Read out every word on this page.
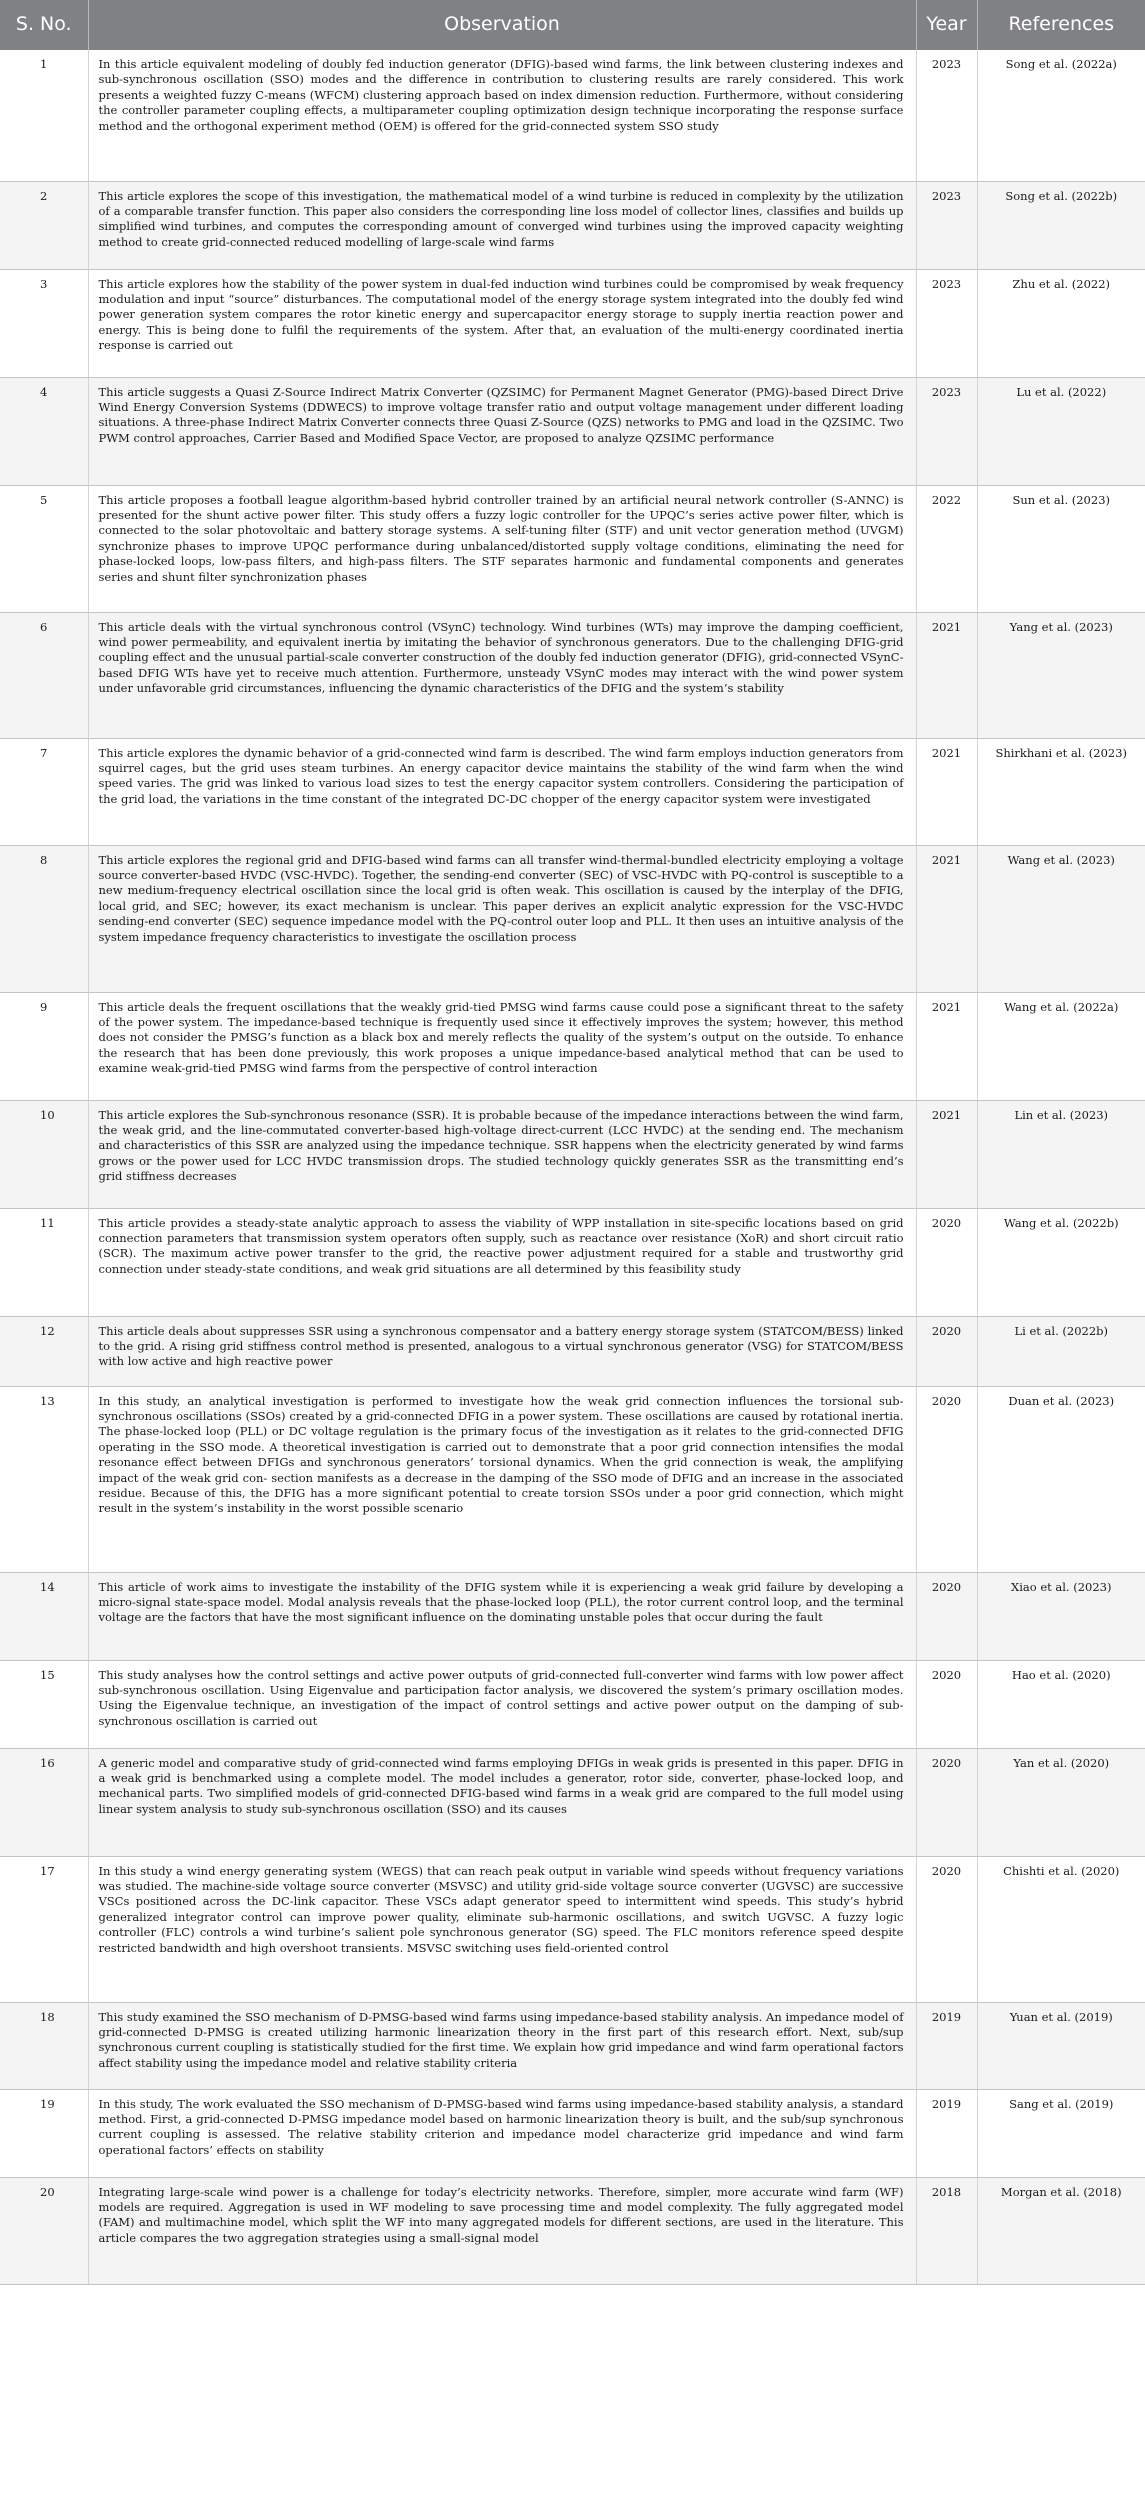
S. No.	Observation	Year	References
1	In this article equivalent modeling of doubly fed induction generator (DFIG)-based wind farms, the link between clustering indexes and sub-synchronous oscillation (SSO) modes and the difference in contribution to clustering results are rarely considered. This work presents a weighted fuzzy C-means (WFCM) clustering approach based on index dimension reduction. Furthermore, without considering the controller parameter coupling effects, a multiparameter coupling optimization design technique incorporating the response surface method and the orthogonal experiment method (OEM) is offered for the grid-connected system SSO study	2023	Song et al. (2022a)
2	This article explores the scope of this investigation, the mathematical model of a wind turbine is reduced in complexity by the utilization of a comparable transfer function. This paper also considers the corresponding line loss model of collector lines, classifies and builds up simplified wind turbines, and computes the corresponding amount of converged wind turbines using the improved capacity weighting method to create grid-connected reduced modelling of large-scale wind farms	2023	Song et al. (2022b)
3	This article explores how the stability of the power system in dual-fed induction wind turbines could be compromised by weak frequency modulation and input “source” disturbances. The computational model of the energy storage system integrated into the doubly fed wind power generation system compares the rotor kinetic energy and supercapacitor energy storage to supply inertia reaction power and energy. This is being done to fulfil the requirements of the system. After that, an evaluation of the multi-energy coordinated inertia response is carried out	2023	Zhu et al. (2022)
4	This article suggests a Quasi Z-Source Indirect Matrix Converter (QZSIMC) for Permanent Magnet Generator (PMG)-based Direct Drive Wind Energy Conversion Systems (DDWECS) to improve voltage transfer ratio and output voltage management under different loading situations. A three-phase Indirect Matrix Converter connects three Quasi Z-Source (QZS) networks to PMG and load in the QZSIMC. Two PWM control approaches, Carrier Based and Modified Space Vector, are proposed to analyze QZSIMC performance	2023	Lu et al. (2022)
5	This article proposes a football league algorithm-based hybrid controller trained by an artificial neural network controller (S-ANNC) is presented for the shunt active power filter. This study offers a fuzzy logic controller for the UPQC’s series active power filter, which is connected to the solar photovoltaic and battery storage systems. A self-tuning filter (STF) and unit vector generation method (UVGM) synchronize phases to improve UPQC performance during unbalanced/distorted supply voltage conditions, eliminating the need for phase-locked loops, low-pass filters, and high-pass filters. The STF separates harmonic and fundamental components and generates series and shunt filter synchronization phases	2022	Sun et al. (2023)
6	This article deals with the virtual synchronous control (VSynC) technology. Wind turbines (WTs) may improve the damping coefficient, wind power permeability, and equivalent inertia by imitating the behavior of synchronous generators. Due to the challenging DFIG-grid coupling effect and the unusual partial-scale converter construction of the doubly fed induction generator (DFIG), grid-connected VSynC-based DFIG WTs have yet to receive much attention. Furthermore, unsteady VSynC modes may interact with the wind power system under unfavorable grid circumstances, influencing the dynamic characteristics of the DFIG and the system’s stability	2021	Yang et al. (2023)
7	This article explores the dynamic behavior of a grid-connected wind farm is described. The wind farm employs induction generators from squirrel cages, but the grid uses steam turbines. An energy capacitor device maintains the stability of the wind farm when the wind speed varies. The grid was linked to various load sizes to test the energy capacitor system controllers. Considering the participation of the grid load, the variations in the time constant of the integrated DC-DC chopper of the energy capacitor system were investigated	2021	Shirkhani et al. (2023)
8	This article explores the regional grid and DFIG-based wind farms can all transfer wind-thermal-bundled electricity employing a voltage source converter-based HVDC (VSC-HVDC). Together, the sending-end converter (SEC) of VSC-HVDC with PQ-control is susceptible to a new medium-frequency electrical oscillation since the local grid is often weak. This oscillation is caused by the interplay of the DFIG, local grid, and SEC; however, its exact mechanism is unclear. This paper derives an explicit analytic expression for the VSC-HVDC sending-end converter (SEC) sequence impedance model with the PQ-control outer loop and PLL. It then uses an intuitive analysis of the system impedance frequency characteristics to investigate the oscillation process	2021	Wang et al. (2023)
9	This article deals the frequent oscillations that the weakly grid-tied PMSG wind farms cause could pose a significant threat to the safety of the power system. The impedance-based technique is frequently used since it effectively improves the system; however, this method does not consider the PMSG’s function as a black box and merely reflects the quality of the system’s output on the outside. To enhance the research that has been done previously, this work proposes a unique impedance-based analytical method that can be used to examine weak-grid-tied PMSG wind farms from the perspective of control interaction	2021	Wang et al. (2022a)
10	This article explores the Sub-synchronous resonance (SSR). It is probable because of the impedance interactions between the wind farm, the weak grid, and the line-commutated converter-based high-voltage direct-current (LCC HVDC) at the sending end. The mechanism and characteristics of this SSR are analyzed using the impedance technique. SSR happens when the electricity generated by wind farms grows or the power used for LCC HVDC transmission drops. The studied technology quickly generates SSR as the transmitting end’s grid stiffness decreases	2021	Lin et al. (2023)
11	This article provides a steady-state analytic approach to assess the viability of WPP installation in site-specific locations based on grid connection parameters that transmission system operators often supply, such as reactance over resistance (XoR) and short circuit ratio (SCR). The maximum active power transfer to the grid, the reactive power adjustment required for a stable and trustworthy grid connection under steady-state conditions, and weak grid situations are all determined by this feasibility study	2020	Wang et al. (2022b)
12	This article deals about suppresses SSR using a synchronous compensator and a battery energy storage system (STATCOM/BESS) linked to the grid. A rising grid stiffness control method is presented, analogous to a virtual synchronous generator (VSG) for STATCOM/BESS with low active and high reactive power	2020	Li et al. (2022b)
13	In this study, an analytical investigation is performed to investigate how the weak grid connection influences the torsional sub-synchronous oscillations (SSOs) created by a grid-connected DFIG in a power system. These oscillations are caused by rotational inertia. The phase-locked loop (PLL) or DC voltage regulation is the primary focus of the investigation as it relates to the grid-connected DFIG operating in the SSO mode. A theoretical investigation is carried out to demonstrate that a poor grid connection intensifies the modal resonance effect between DFIGs and synchronous generators’ torsional dynamics. When the grid connection is weak, the amplifying impact of the weak grid con- section manifests as a decrease in the damping of the SSO mode of DFIG and an increase in the associated residue. Because of this, the DFIG has a more significant potential to create torsion SSOs under a poor grid connection, which might result in the system’s instability in the worst possible scenario	2020	Duan et al. (2023)
14	This article of work aims to investigate the instability of the DFIG system while it is experiencing a weak grid failure by developing a micro-signal state-space model. Modal analysis reveals that the phase-locked loop (PLL), the rotor current control loop, and the terminal voltage are the factors that have the most significant influence on the dominating unstable poles that occur during the fault	2020	Xiao et al. (2023)
15	This study analyses how the control settings and active power outputs of grid-connected full-converter wind farms with low power affect sub-synchronous oscillation. Using Eigenvalue and participation factor analysis, we discovered the system’s primary oscillation modes. Using the Eigenvalue technique, an investigation of the impact of control settings and active power output on the damping of sub-synchronous oscillation is carried out	2020	Hao et al. (2020)
16	A generic model and comparative study of grid-connected wind farms employing DFIGs in weak grids is presented in this paper. DFIG in a weak grid is benchmarked using a complete model. The model includes a generator, rotor side, converter, phase-locked loop, and mechanical parts. Two simplified models of grid-connected DFIG-based wind farms in a weak grid are compared to the full model using linear system analysis to study sub-synchronous oscillation (SSO) and its causes	2020	Yan et al. (2020)
17	In this study a wind energy generating system (WEGS) that can reach peak output in variable wind speeds without frequency variations was studied. The machine-side voltage source converter (MSVSC) and utility grid-side voltage source converter (UGVSC) are successive VSCs positioned across the DC-link capacitor. These VSCs adapt generator speed to intermittent wind speeds. This study’s hybrid generalized integrator control can improve power quality, eliminate sub-harmonic oscillations, and switch UGVSC. A fuzzy logic controller (FLC) controls a wind turbine’s salient pole synchronous generator (SG) speed. The FLC monitors reference speed despite restricted bandwidth and high overshoot transients. MSVSC switching uses field-oriented control	2020	Chishti et al. (2020)
18	This study examined the SSO mechanism of D-PMSG-based wind farms using impedance-based stability analysis. An impedance model of grid-connected D-PMSG is created utilizing harmonic linearization theory in the first part of this research effort. Next, sub/sup synchronous current coupling is statistically studied for the first time. We explain how grid impedance and wind farm operational factors affect stability using the impedance model and relative stability criteria	2019	Yuan et al. (2019)
19	In this study, The work evaluated the SSO mechanism of D-PMSG-based wind farms using impedance-based stability analysis, a standard method. First, a grid-connected D-PMSG impedance model based on harmonic linearization theory is built, and the sub/sup synchronous current coupling is assessed. The relative stability criterion and impedance model characterize grid impedance and wind farm operational factors’ effects on stability	2019	Sang et al. (2019)
20	Integrating large-scale wind power is a challenge for today’s electricity networks. Therefore, simpler, more accurate wind farm (WF) models are required. Aggregation is used in WF modeling to save processing time and model complexity. The fully aggregated model (FAM) and multimachine model, which split the WF into many aggregated models for different sections, are used in the literature. This article compares the two aggregation strategies using a small-signal model	2018	Morgan et al. (2018)
